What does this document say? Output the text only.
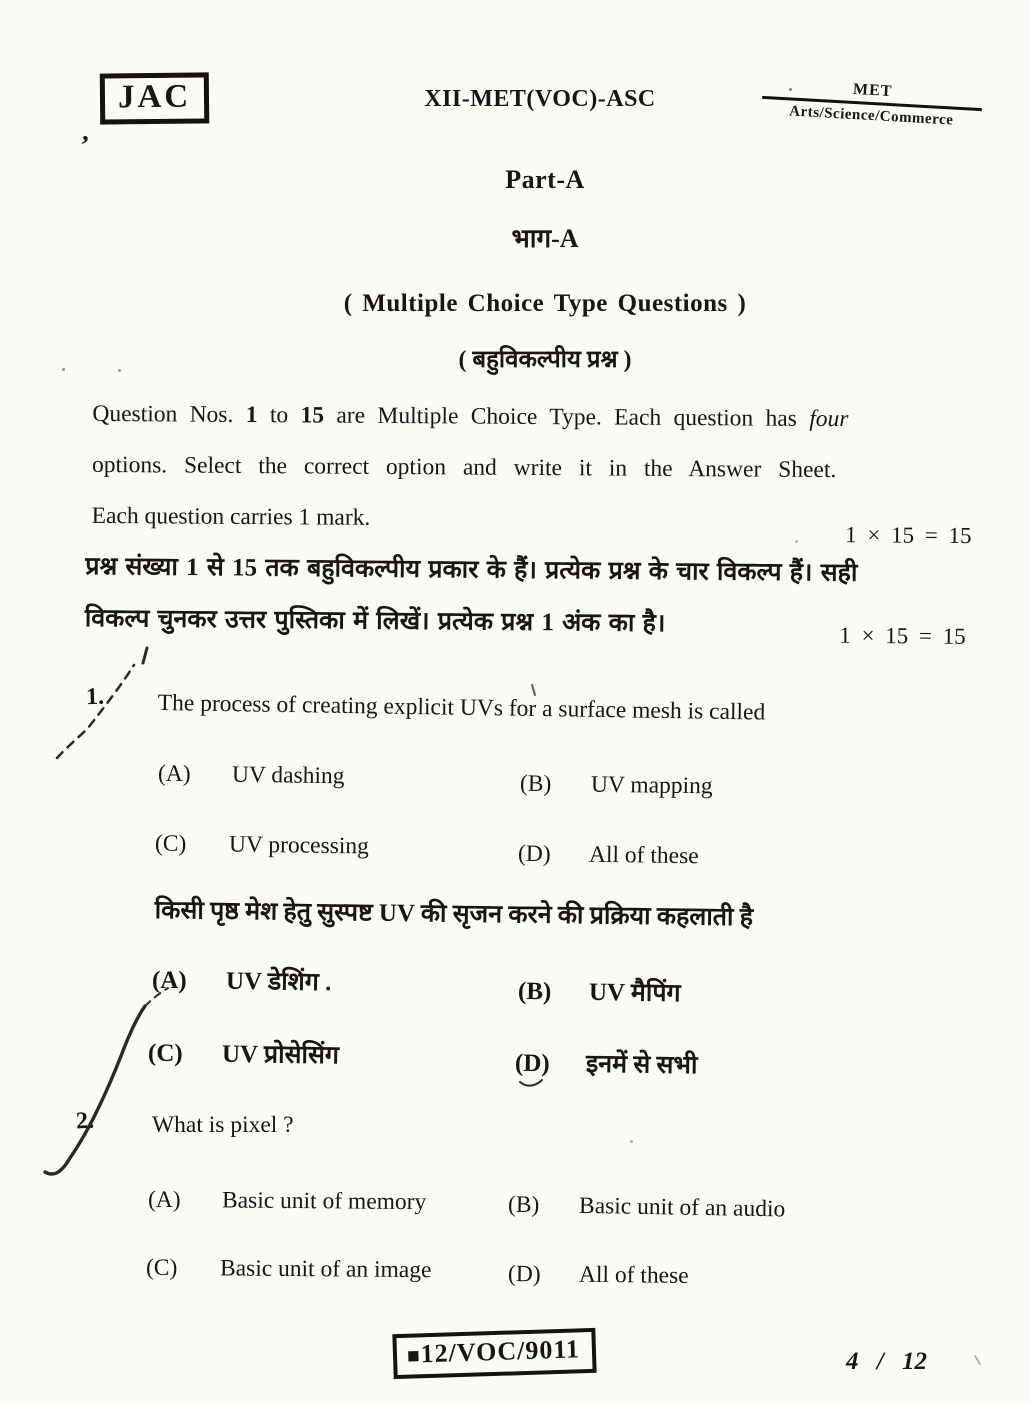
,
JAC	XII-MET(VOC)-ASC	MET
Arts/Science/Commerce
Part-A
भाग-A
( Multiple Choice Type Questions )
( बहुविकल्पीय प्रश्न )
Question Nos. 1 to 15 are Multiple Choice Type. Each question has four
options. Select the correct option and write it in the Answer Sheet.
Each question carries 1 mark.
1 × 15 = 15
प्रश्न संख्या 1 से 15 तक बहुविकल्पीय प्रकार के हैं। प्रत्येक प्रश्न के चार विकल्प हैं। सही
विकल्प चुनकर उत्तर पुस्तिका में लिखें। प्रत्येक प्रश्न 1 अंक का है।	1 × 15 = 15
1. The process of creating explicit UVs for a surface mesh is called
(A) UV dashing	(B) UV mapping
(C) UV processing	(D) All of these
किसी पृष्ठ मेश हेतु सुस्पष्ट UV की सृजन करने की प्रक्रिया कहलाती है
(A) UV डेशिंग .	(B) UV मैपिंग
(C) UV प्रोसेसिंग	(D) इनमें से सभी
2. What is pixel ?
(A) Basic unit of memory	(B) Basic unit of an audio
(C) Basic unit of an image	(D) All of these
■12/VOC/9011	4 / 12
